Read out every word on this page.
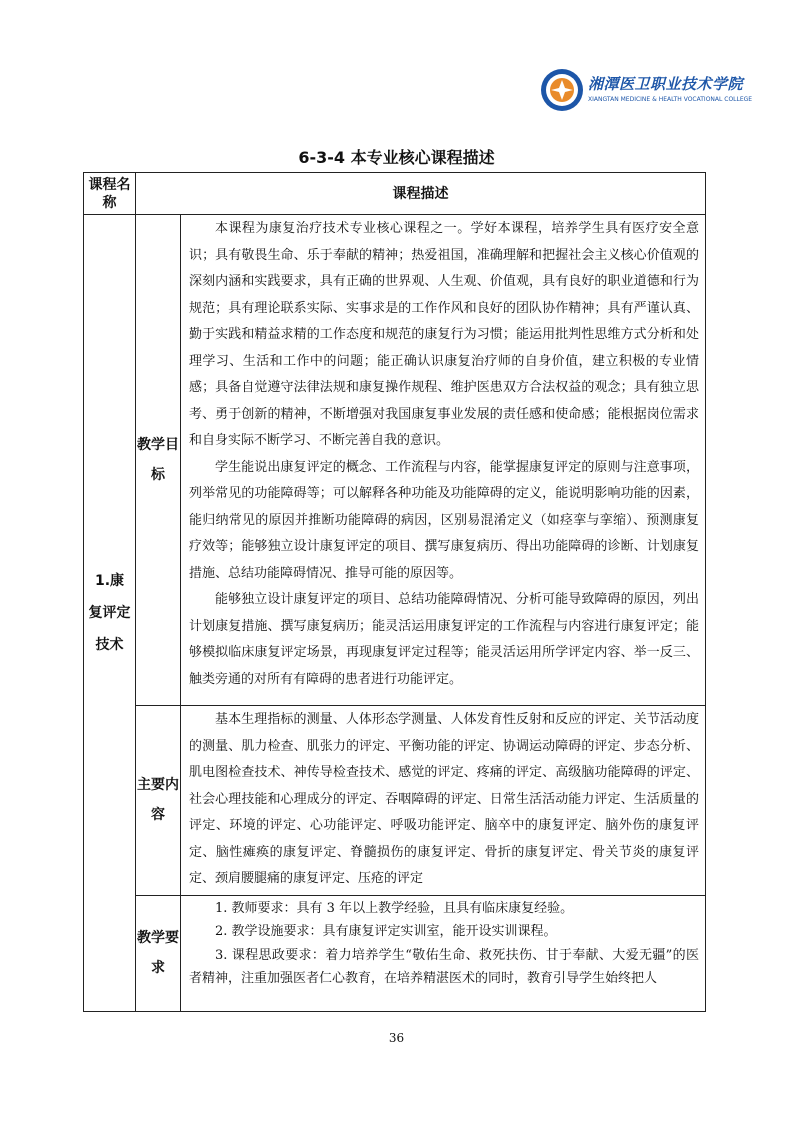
湘潭医卫职业技术学院
XIANGTAN MEDICINE & HEALTH VOCATIONAL COLLEGE
6-3-4 本专业核心课程描述
课程名称	课程描述	
1.康复评定技术	教学目标	本课程为康复治疗技术专业核心课程之一。学好本课程，培养学生具有医疗安全意识；具有敬畏生命、乐于奉献的精神；热爱祖国，准确理解和把握社会主义核心价值观的深刻内涵和实践要求，具有正确的世界观、人生观、价值观，具有良好的职业道德和行为规范；具有理论联系实际、实事求是的工作作风和良好的团队协作精神；具有严谨认真、勤于实践和精益求精的工作态度和规范的康复行为习惯；能运用批判性思维方式分析和处理学习、生活和工作中的问题；能正确认识康复治疗师的自身价值，建立积极的专业情感；具备自觉遵守法律法规和康复操作规程、维护医患双方合法权益的观念；具有独立思考、勇于创新的精神，不断增强对我国康复事业发展的责任感和使命感；能根据岗位需求和自身实际不断学习、不断完善自我的意识。

学生能说出康复评定的概念、工作流程与内容，能掌握康复评定的原则与注意事项，列举常见的功能障碍等；可以解释各种功能及功能障碍的定义，能说明影响功能的因素，能归纳常见的原因并推断功能障碍的病因，区别易混淆定义（如痉挛与挛缩）、预测康复疗效等；能够独立设计康复评定的项目、撰写康复病历、得出功能障碍的诊断、计划康复措施、总结功能障碍情况、推导可能的原因等。

能够独立设计康复评定的项目、总结功能障碍情况、分析可能导致障碍的原因，列出计划康复措施、撰写康复病历；能灵活运用康复评定的工作流程与内容进行康复评定；能够模拟临床康复评定场景，再现康复评定过程等；能灵活运用所学评定内容、举一反三、触类旁通的对所有有障碍的患者进行功能评定。

	主要内容	基本生理指标的测量、人体形态学测量、人体发育性反射和反应的评定、关节活动度的测量、肌力检查、肌张力的评定、平衡功能的评定、协调运动障碍的评定、步态分析、肌电图检查技术、神传导检查技术、感觉的评定、疼痛的评定、高级脑功能障碍的评定、社会心理技能和心理成分的评定、吞咽障碍的评定、日常生活活动能力评定、生活质量的评定、环境的评定、心功能评定、呼吸功能评定、脑卒中的康复评定、脑外伤的康复评定、脑性瘫痪的康复评定、脊髓损伤的康复评定、骨折的康复评定、骨关节炎的康复评定、颈肩腰腿痛的康复评定、压疮的评定

	教学要求	1. 教师要求：具有 3 年以上教学经验，且具有临床康复经验。

2. 教学设施要求：具有康复评定实训室，能开设实训课程。

3. 课程思政要求：着力培养学生“敬佑生命、救死扶伤、甘于奉献、大爱无疆”的医者精神，注重加强医者仁心教育，在培养精湛医术的同时，教育引导学生始终把人

36
